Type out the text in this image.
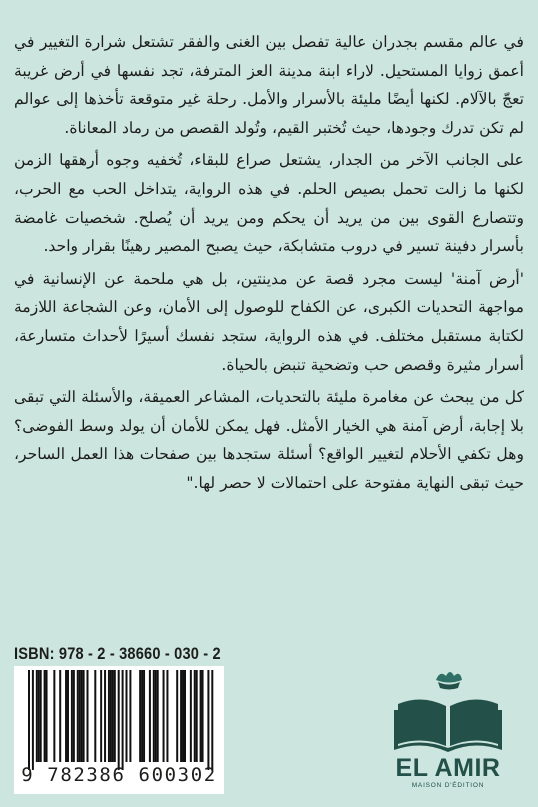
في عالم مقسم بجدران عالية تفصل بين الغنى والفقر تشتعل شرارة التغيير في أعمق زوايا المستحيل. لاراء ابنة مدينة العز المترفة، تجد نفسها في أرض غريبة تعجّ بالآلام. لكنها أيضًا مليئة بالأسرار والأمل. رحلة غير متوقعة تأخذها إلى عوالم لم تكن تدرك وجودها، حيث تُختبر القيم، وتُولد القصص من رماد المعاناة.

على الجانب الآخر من الجدار، يشتعل صراع للبقاء، تُخفيه وجوه أرهقها الزمن لكنها ما زالت تحمل بصيص الحلم. في هذه الرواية، يتداخل الحب مع الحرب، وتتصارع القوى بين من يريد أن يحكم ومن يريد أن يُصلح. شخصيات غامضة بأسرار دفينة تسير في دروب متشابكة، حيث يصبح المصير رهينًا بقرار واحد.

'أرض آمنة' ليست مجرد قصة عن مدينتين، بل هي ملحمة عن الإنسانية في مواجهة التحديات الكبرى، عن الكفاح للوصول إلى الأمان، وعن الشجاعة اللازمة لكتابة مستقبل مختلف. في هذه الرواية، ستجد نفسك أسيرًا لأحداث متسارعة، أسرار مثيرة وقصص حب وتضحية تنبض بالحياة.

كل من يبحث عن مغامرة مليئة بالتحديات، المشاعر العميقة، والأسئلة التي تبقى بلا إجابة، أرض آمنة هي الخيار الأمثل. فهل يمكن للأمان أن يولد وسط الفوضى؟ وهل تكفي الأحلام لتغيير الواقع؟ أسئلة ستجدها بين صفحات هذا العمل الساحر، حيث تبقى النهاية مفتوحة على احتمالات لا حصر لها."

ISBN: 978 - 2 - 38660 - 030 - 2
9 782386 600302	EL AMIR
MAISON D'ÉDITION
